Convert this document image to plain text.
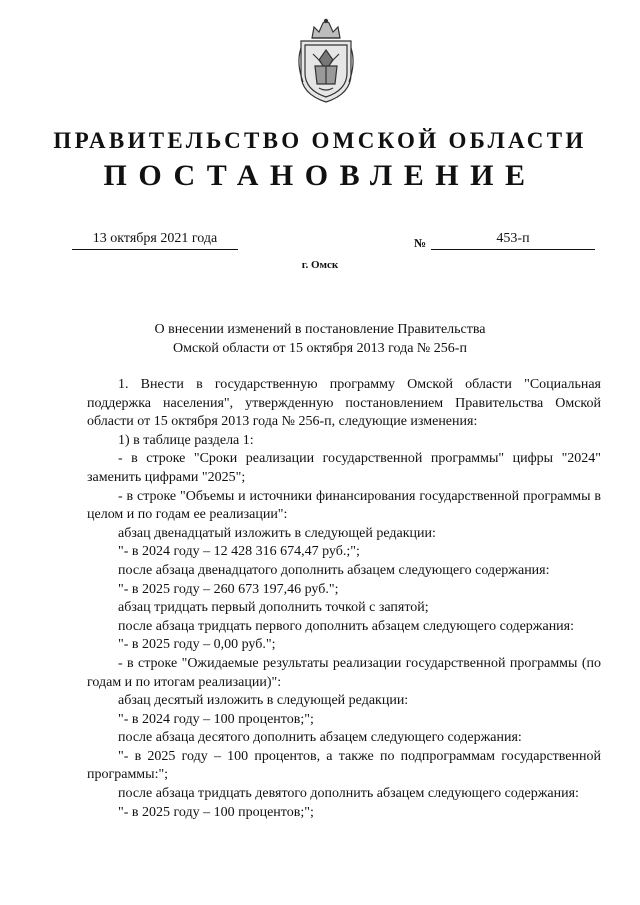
ПРАВИТЕЛЬСТВО ОМСКОЙ ОБЛАСТИ
ПОСТАНОВЛЕНИЕ
13 октября 2021 года	№	453-п
г. Омск
О внесении изменений в постановление Правительства
Омской области от 15 октября 2013 года № 256-п

1. Внести в государственную программу Омской области "Социальная поддержка населения", утвержденную постановлением Правительства Омской области от 15 октября 2013 года № 256-п, следующие изменения:

1) в таблице раздела 1:

- в строке "Сроки реализации государственной программы" цифры "2024" заменить цифрами "2025";

- в строке "Объемы и источники финансирования государственной программы в целом и по годам ее реализации":

абзац двенадцатый изложить в следующей редакции:

"- в 2024 году – 12 428 316 674,47 руб.;";

после абзаца двенадцатого дополнить абзацем следующего содержания:

"- в 2025 году – 260 673 197,46 руб.";

абзац тридцать первый дополнить точкой с запятой;

после абзаца тридцать первого дополнить абзацем следующего содержания:

"- в 2025 году – 0,00 руб.";

- в строке "Ожидаемые результаты реализации государственной программы (по годам и по итогам реализации)":

абзац десятый изложить в следующей редакции:

"- в 2024 году – 100 процентов;";

после абзаца десятого дополнить абзацем следующего содержания:

"- в 2025 году – 100 процентов, а также по подпрограммам государственной программы:";

после абзаца тридцать девятого дополнить абзацем следующего содержания:

"- в 2025 году – 100 процентов;";
